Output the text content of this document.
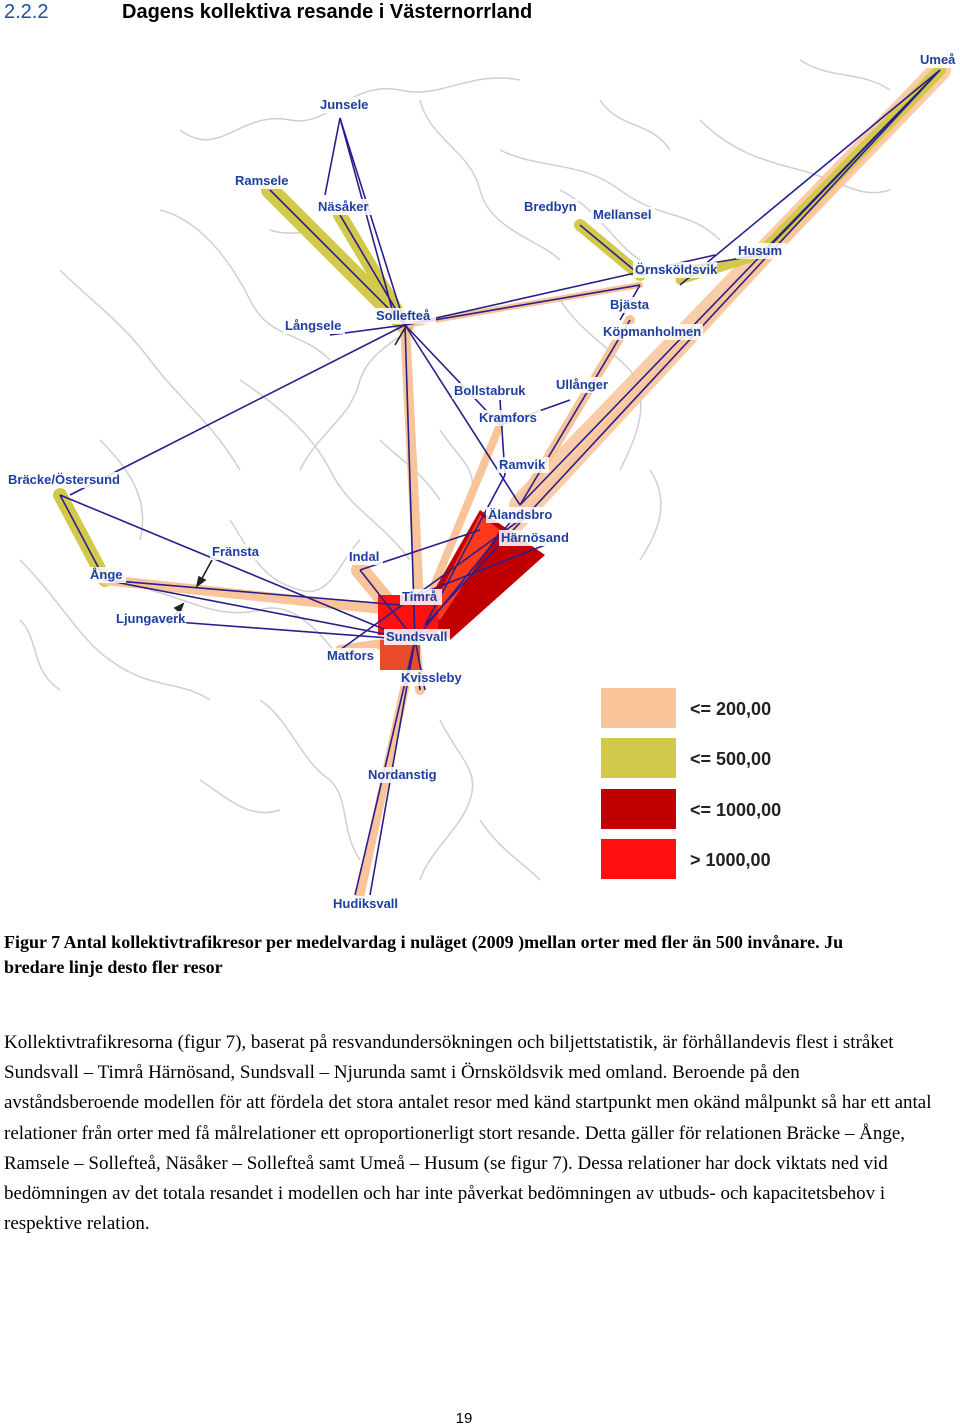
2.2.2	Dagens kollektiva resande i Västernorrland
Umeå
Junsele
Ramsele
Näsåker	Bredbyn
Mellansel
Husum
Örnsköldsvik
Bjästa
Köpmanholmen
Långsele
Sollefteå
Bollstabruk Ullånger
Kramfors
Ramvik
Bräcke/Östersund
Älandsbro
Härnösand
Fränsta	Indal
Ånge
Timrå
Ljungaverk
Sundsvall
Matfors
Kvissleby
Nordanstig
Hudiksvall
<= 200,00
<= 500,00
<= 1000,00
> 1000,00
Figur 7 Antal kollektivtrafikresor per medelvardag i nuläget (2009 )mellan orter med fler än 500 invånare. Ju bredare linje desto fler resor
Kollektivtrafikresorna (figur 7), baserat på resvandundersökningen och biljettstatistik, är förhållandevis flest i stråket Sundsvall – Timrå Härnösand, Sundsvall – Njurunda samt i Örnsköldsvik med omland. Beroende på den avståndsberoende modellen för att fördela det stora antalet resor med känd startpunkt men okänd målpunkt så har ett antal relationer från orter med få målrelationer ett oproportionerligt stort resande. Detta gäller för relationen Bräcke – Ånge, Ramsele – Sollefteå, Näsåker – Sollefteå samt Umeå – Husum (se figur 7). Dessa relationer har dock viktats ned vid bedömningen av det totala resandet i modellen och har inte påverkat bedömningen av utbuds- och kapacitetsbehov i respektive relation.
19
